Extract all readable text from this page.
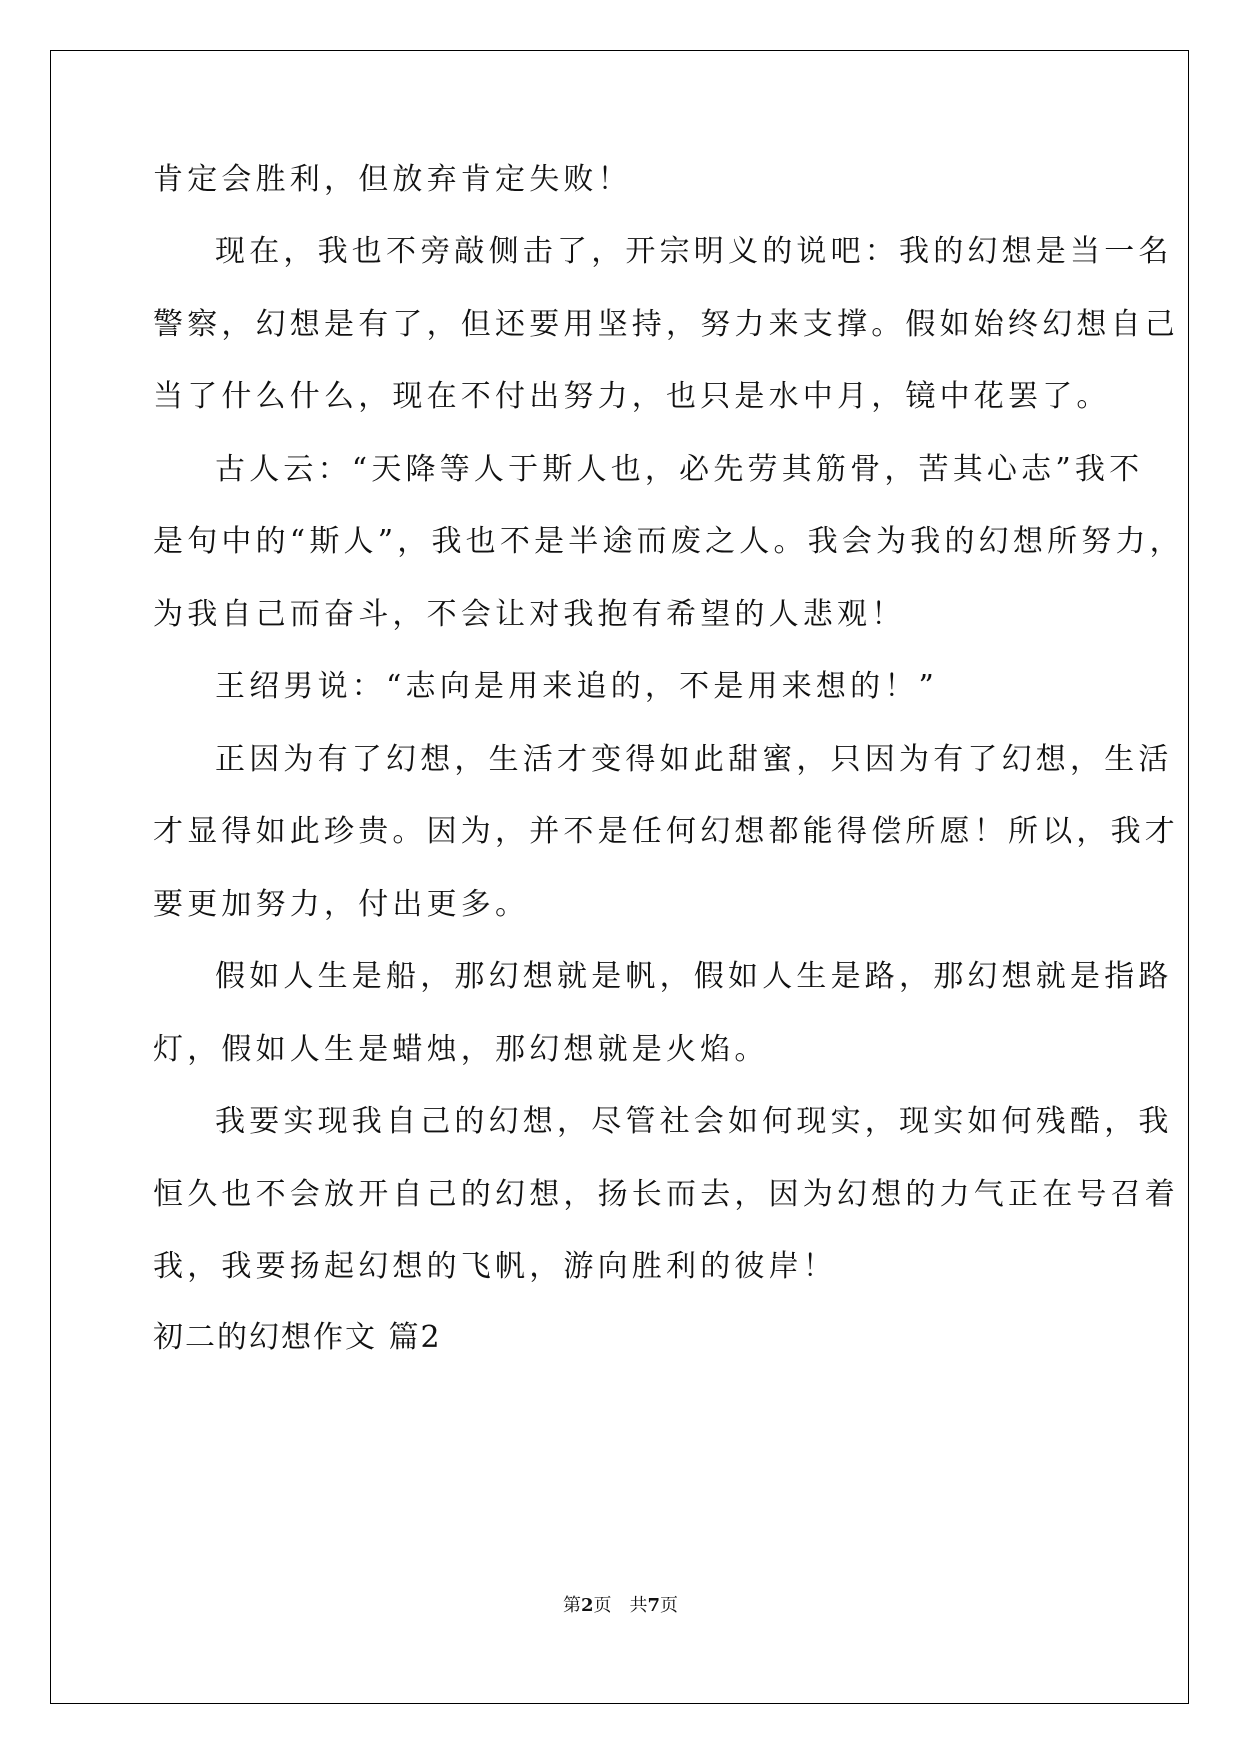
肯定会胜利，但放弃肯定失败！
现在，我也不旁敲侧击了，开宗明义的说吧：我的幻想是当一名
警察，幻想是有了，但还要用坚持，努力来支撑。假如始终幻想自己
当了什么什么，现在不付出努力，也只是水中月，镜中花罢了。
古人云：“天降等人于斯人也，必先劳其筋骨，苦其心志”我不
是句中的“斯人”，我也不是半途而废之人。我会为我的幻想所努力，
为我自己而奋斗，不会让对我抱有希望的人悲观！
王绍男说：“志向是用来追的，不是用来想的！”
正因为有了幻想，生活才变得如此甜蜜，只因为有了幻想，生活
才显得如此珍贵。因为，并不是任何幻想都能得偿所愿！所以，我才
要更加努力，付出更多。
假如人生是船，那幻想就是帆，假如人生是路，那幻想就是指路
灯，假如人生是蜡烛，那幻想就是火焰。
我要实现我自己的幻想，尽管社会如何现实，现实如何残酷，我
恒久也不会放开自己的幻想，扬长而去，因为幻想的力气正在号召着
我，我要扬起幻想的飞帆，游向胜利的彼岸！
初二的幻想作文 篇2
第2页 共7页
